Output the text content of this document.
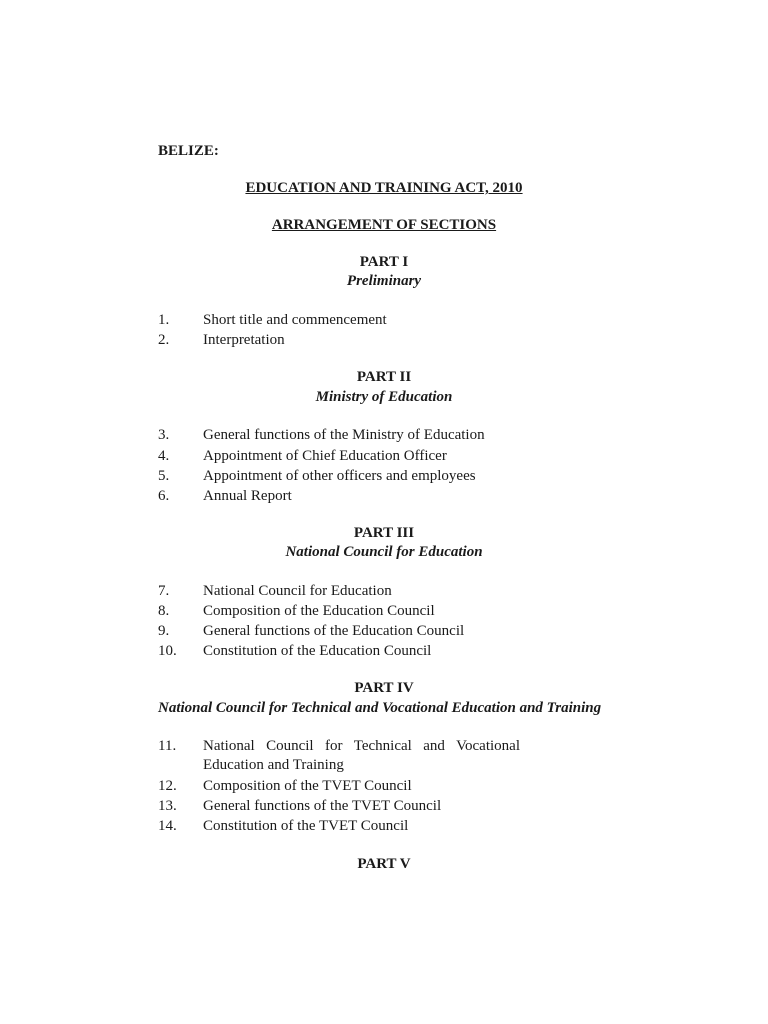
BELIZE:
EDUCATION AND TRAINING ACT, 2010
ARRANGEMENT OF SECTIONS
PART I
Preliminary
1. Short title and commencement
2. Interpretation
PART II
Ministry of Education
3. General functions of the Ministry of Education
4. Appointment of Chief Education Officer
5. Appointment of other officers and employees
6. Annual Report
PART III
National Council for Education
7. National Council for Education
8. Composition of the Education Council
9. General functions of the Education Council
10. Constitution of the Education Council
PART IV
National Council for Technical and Vocational Education and Training
11. National Council for Technical and Vocational
Education and Training
12. Composition of the TVET Council
13. General functions of the TVET Council
14. Constitution of the TVET Council
PART V
